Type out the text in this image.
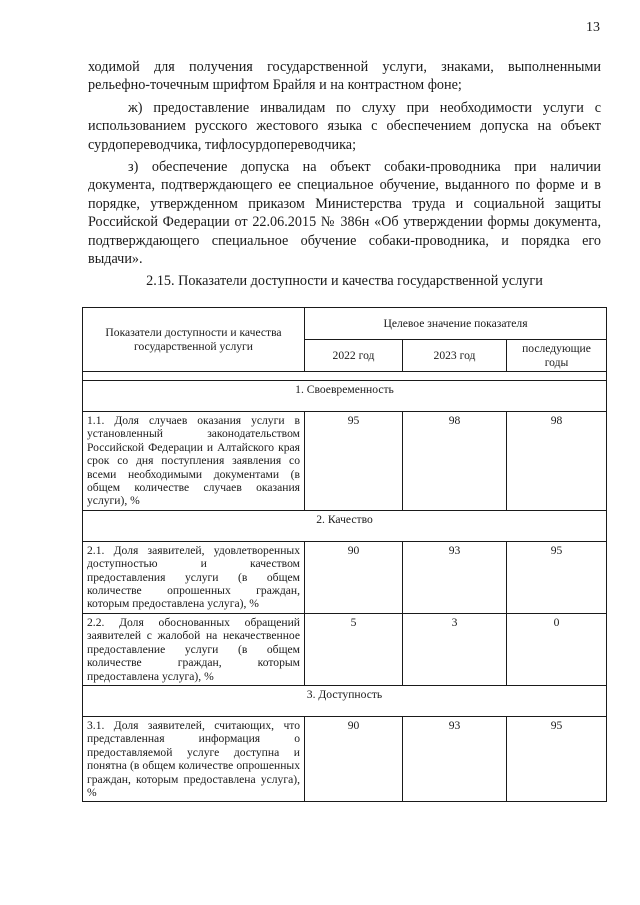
13

ходимой для получения государственной услуги, знаками, выполненными рельефно-точечным шрифтом Брайля и на контрастном фоне;

ж) предоставление инвалидам по слуху при необходимости услуги с использованием русского жестового языка с обеспечением допуска на объект сурдопереводчика, тифлосурдопереводчика;

з) обеспечение допуска на объект собаки-проводника при наличии документа, подтверждающего ее специальное обучение, выданного по форме и в порядке, утвержденном приказом Министерства труда и социальной защиты Российской Федерации от 22.06.2015 № 386н «Об утверждении формы документа, подтверждающего специальное обучение собаки-проводника, и порядка его выдачи».

2.15. Показатели доступности и качества государственной услуги
Показатели доступности и качества государственной услуги	Целевое значение показателя		
	2022 год	2023 год	последующие годы

1. Своевременность			
1.1. Доля случаев оказания услуги в установленный законодательством Российской Федерации и Алтайского края срок со дня поступления заявления со всеми необходимыми документами (в общем количестве случаев оказания услуги), %	95	98	98
2. Качество			
2.1. Доля заявителей, удовлетворенных доступностью и качеством предоставления услуги (в общем количестве опрошенных граждан, которым предоставлена услуга), %	90	93	95
2.2. Доля обоснованных обращений заявителей с жалобой на некачественное предоставление услуги (в общем количестве граждан, которым предоставлена услуга), %	5	3	0
3. Доступность			
3.1. Доля заявителей, считающих, что представленная информация о предоставляемой услуге доступна и понятна (в общем количестве опрошенных граждан, которым предоставлена услуга), %	90	93	95
